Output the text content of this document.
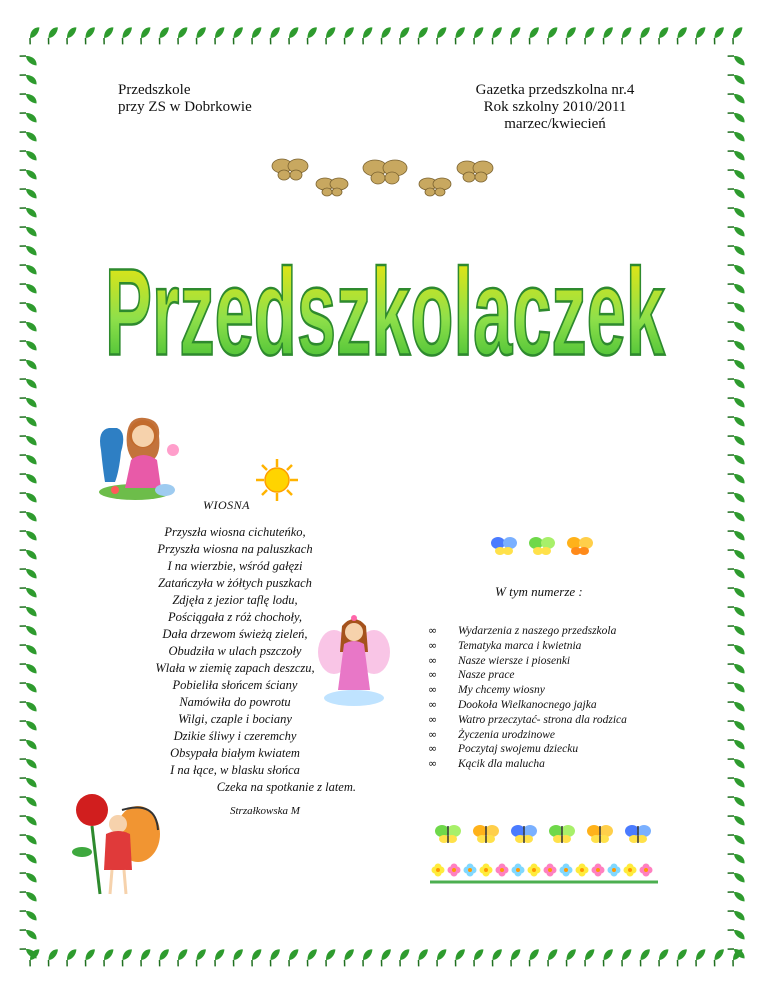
Przedszkole
przy ZS w Dobrkowie
Gazetka przedszkolna nr.4
Rok szkolny 2010/2011
marzec/kwiecień
Przedszkolaczek
WIOSNA
Przyszła wiosna cichuteńko,
Przyszła wiosna na paluszkach
I na wierzbie, wśród gałęzi
Zatańczyła w żółtych puszkach
Zdjęła z jezior taflę lodu,
Pościągała z róż chochoły,
Dała drzewom świeżą zieleń,
Obudziła w ulach pszczoły
Wlała w ziemię zapach deszczu,
Pobieliła słońcem ściany
Namówiła do powrotu
Wilgi, czaple i bociany
Dzikie śliwy i czeremchy
Obsypała białym kwiatem
I na łące, w blasku słońca
Czeka na spotkanie z latem.
Strzałkowska M
W tym numerze :
∞	Wydarzenia z naszego przedszkola
∞	Tematyka marca i kwietnia
∞	Nasze wiersze i piosenki
∞	Nasze prace
∞	My chcemy wiosny
∞	Dookoła Wielkanocnego jajka
∞	Watro przeczytać- strona dla rodzica
∞	Życzenia urodzinowe
∞	Poczytaj swojemu dziecku
∞	Kącik dla malucha
